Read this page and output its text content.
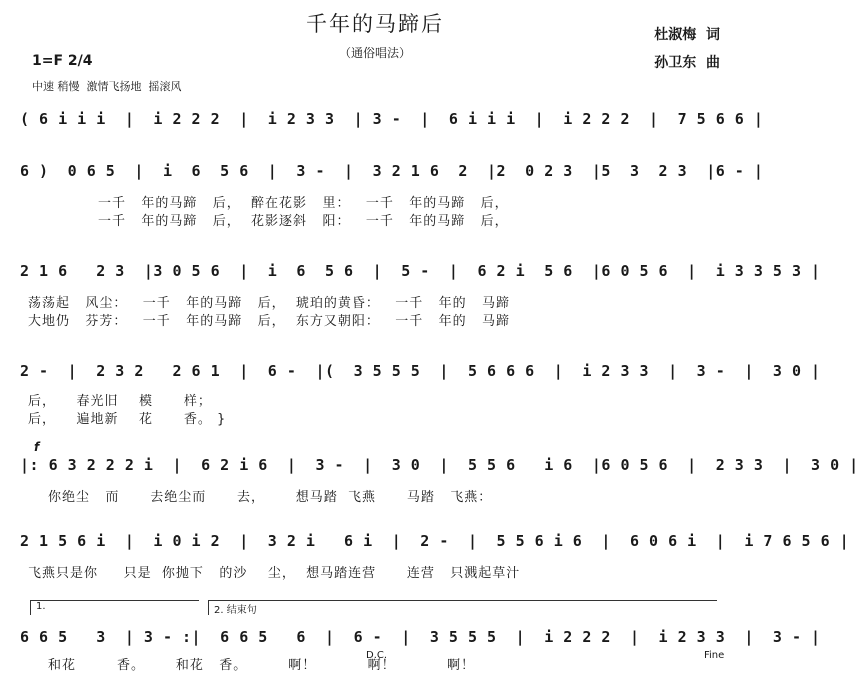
千年的马蹄后
（通俗唱法）
杜淑梅  词
孙卫东  曲
1=F 2/4
中速 稍慢  激情飞扬地  摇滚风
( 6 i i i  |  i 2 2 2  |  i 2 3 3  | 3 -  |  6 i i i  |  i 2 2 2  |  7 5 6 6 |
6 )  0 6 5  |  i  6  5 6  |  3 -  |  3 2 1 6  2  |2  0 2 3  |5  3  2 3  |6 - |
一千   年的马蹄   后，  醉在花影   里：   一千   年的马蹄   后，
一千   年的马蹄   后，  花影逐斜   阳：   一千   年的马蹄   后，
2 1 6   2 3  |3 0 5 6  |  i  6  5 6  |  5 -  |  6 2 i  5 6  |6 0 5 6  |  i 3 3 5 3 |
荡荡起   风尘：   一千   年的马蹄   后，  琥珀的黄昏：   一千   年的   马蹄
大地仍   芬芳：   一千   年的马蹄   后，  东方又朝阳：   一千   年的   马蹄
2 -  |  2 3 2   2 6 1  |  6 -  |(  3 5 5 5  |  5 6 6 6  |  i 2 3 3  |  3 -  |  3 0 |
后，    春光旧    模      样；
后，    遍地新    花      香。 }
f
|: 6 3 2 2 2 i  |  6 2 i 6  |  3 -  |  3 0  |  5 5 6   i 6  |6 0 5 6  |  2 3 3  |  3 0 |
你绝尘   而      去绝尘而      去，      想马踏  飞燕      马踏   飞燕：
2 1 5 6 i  |  i 0 i 2  |  3 2 i   6 i  |  2 -  |  5 5 6 i 6  |  6 0 6 i  |  i 7 6 5 6 |
飞燕只是你     只是  你抛下   的沙    尘，  想马踏连营      连营   只溅起草汁
1.	2. 结束句
6 6 5   3  | 3 - :|  6 6 5   6  |  6 -  |  3 5 5 5  |  i 2 2 2  |  i 2 3 3  |  3 - |
和花        香。      和花   香。        啊！          啊！          啊！
D.C.	Fine
